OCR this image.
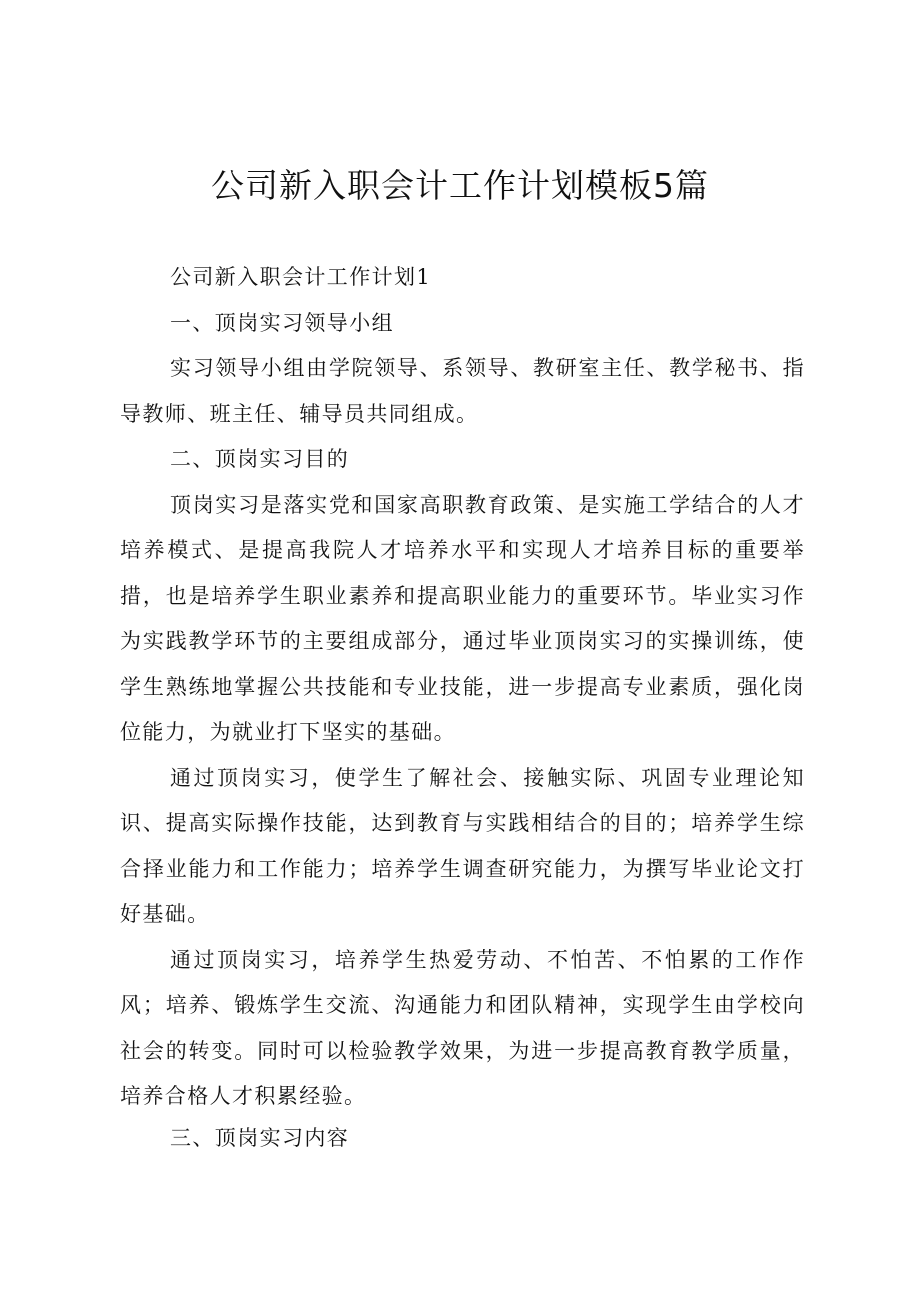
公司新入职会计工作计划模板5篇

公司新入职会计工作计划1

一、顶岗实习领导小组

实习领导小组由学院领导、系领导、教研室主任、教学秘书、指导教师、班主任、辅导员共同组成。

二、顶岗实习目的

顶岗实习是落实党和国家高职教育政策、是实施工学结合的人才培养模式、是提高我院人才培养水平和实现人才培养目标的重要举措，也是培养学生职业素养和提高职业能力的重要环节。毕业实习作为实践教学环节的主要组成部分，通过毕业顶岗实习的实操训练，使学生熟练地掌握公共技能和专业技能，进一步提高专业素质，强化岗位能力，为就业打下坚实的基础。

通过顶岗实习，使学生了解社会、接触实际、巩固专业理论知识、提高实际操作技能，达到教育与实践相结合的目的；培养学生综合择业能力和工作能力；培养学生调查研究能力，为撰写毕业论文打好基础。

通过顶岗实习，培养学生热爱劳动、不怕苦、不怕累的工作作风；培养、锻炼学生交流、沟通能力和团队精神，实现学生由学校向社会的转变。同时可以检验教学效果，为进一步提高教育教学质量，培养合格人才积累经验。

三、顶岗实习内容
